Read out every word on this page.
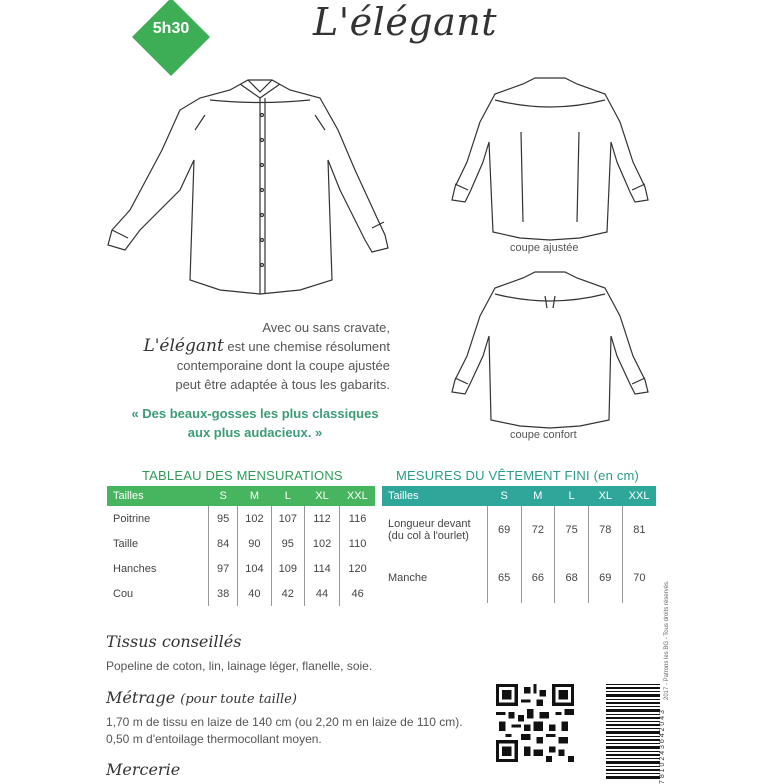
5h30	L'élégant
coupe ajustée
coupe confort
Avec ou sans cravate,
L'élégant est une chemise résolument
contemporaine dont la coupe ajustée
peut être adaptée à tous les gabarits.
« Des beaux-gosses les plus classiques
aux plus audacieux. »
TABLEAU DES MENSURATIONS
Tailles	S	M	L	XL	XXL
Poitrine	95	102	107	112	116
Taille	84	90	95	102	110
Hanches	97	104	109	114	120
Cou	38	40	42	44	46
MESURES DU VÊTEMENT FINI (en cm)
Tailles	S	M	L	XL	XXL

Longueur devant
(du col à l'ourlet)	69	72	75	78	81
Manche	65	66	68	69	70
Tissus conseillés
Popeline de coton, lin, lainage léger, flanelle, soie.
Métrage (pour toute taille)
1,70 m de tissu en laize de 140 cm (ou 2,20 m en laize de 110 cm).
0,50 m d'entoilage thermocollant moyen.
Mercerie	7 8 1 0 2 4 3 6 4 2 0 4 3
2017 - Patrons les BG - Tous droits réservés.
